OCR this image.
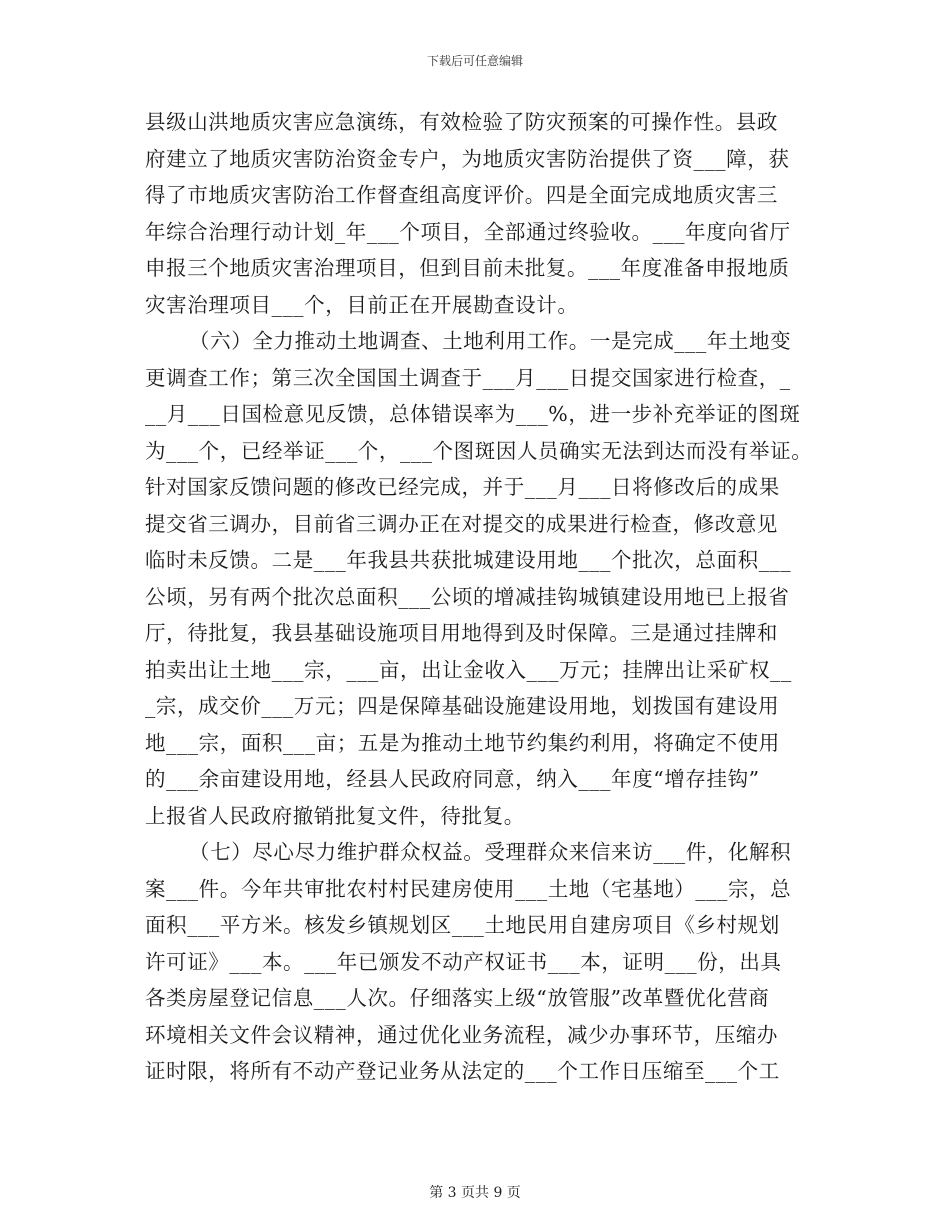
下载后可任意编辑
县级山洪地质灾害应急演练，有效检验了防灾预案的可操作性。县政
府建立了地质灾害防治资金专户，为地质灾害防治提供了资___障，获
得了市地质灾害防治工作督查组高度评价。四是全面完成地质灾害三
年综合治理行动计划_年___个项目，全部通过终验收。___年度向省厅
申报三个地质灾害治理项目，但到目前未批复。___年度准备申报地质
灾害治理项目___个，目前正在开展勘查设计。
（六）全力推动土地调查、土地利用工作。一是完成___年土地变
更调查工作；第三次全国国土调查于___月___日提交国家进行检查，_
__月___日国检意见反馈，总体错误率为___%，进一步补充举证的图斑
为___个，已经举证___个，___个图斑因人员确实无法到达而没有举证。
针对国家反馈问题的修改已经完成，并于___月___日将修改后的成果
提交省三调办，目前省三调办正在对提交的成果进行检查，修改意见
临时未反馈。二是___年我县共获批城建设用地___个批次，总面积___
公顷，另有两个批次总面积___公顷的增减挂钩城镇建设用地已上报省
厅，待批复，我县基础设施项目用地得到及时保障。三是通过挂牌和
拍卖出让土地___宗，___亩，出让金收入___万元；挂牌出让采矿权__
_宗，成交价___万元；四是保障基础设施建设用地，划拨国有建设用
地___宗，面积___亩；五是为推动土地节约集约利用，将确定不使用
的___余亩建设用地，经县人民政府同意，纳入___年度“增存挂钩”
上报省人民政府撤销批复文件，待批复。
（七）尽心尽力维护群众权益。受理群众来信来访___件，化解积
案___件。今年共审批农村村民建房使用___土地（宅基地）___宗，总
面积___平方米。核发乡镇规划区___土地民用自建房项目《乡村规划
许可证》___本。___年已颁发不动产权证书___本，证明___份，出具
各类房屋登记信息___人次。仔细落实上级“放管服”改革暨优化营商
环境相关文件会议精神，通过优化业务流程，减少办事环节，压缩办
证时限，将所有不动产登记业务从法定的___个工作日压缩至___个工
第 3 页共 9 页
